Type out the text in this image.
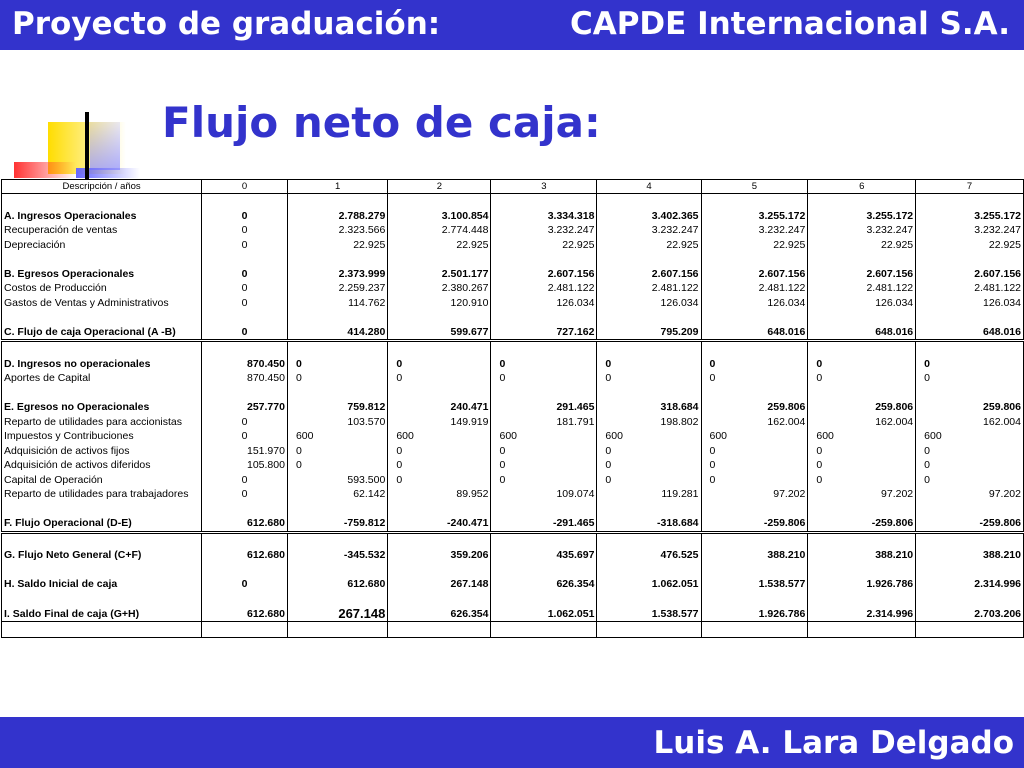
Proyecto de graduación:	CAPDE Internacional S.A.
Flujo neto de caja:
Descripción / años	0	1	2	3	4	5	6	7

A. Ingresos Operacionales	0	2.788.279	3.100.854	3.334.318	3.402.365	3.255.172	3.255.172	3.255.172
Recuperación de ventas	0	2.323.566	2.774.448	3.232.247	3.232.247	3.232.247	3.232.247	3.232.247
Depreciación	0	22.925	22.925	22.925	22.925	22.925	22.925	22.925

B. Egresos Operacionales	0	2.373.999	2.501.177	2.607.156	2.607.156	2.607.156	2.607.156	2.607.156
Costos de Producción	0	2.259.237	2.380.267	2.481.122	2.481.122	2.481.122	2.481.122	2.481.122
Gastos de Ventas y Administrativos	0	114.762	120.910	126.034	126.034	126.034	126.034	126.034

C. Flujo de caja Operacional (A -B)	0	414.280	599.677	727.162	795.209	648.016	648.016	648.016

D. Ingresos no operacionales	870.450	0	0	0	0	0	0	0
Aportes de Capital	870.450	0	0	0	0	0	0	0

E. Egresos no Operacionales	257.770	759.812	240.471	291.465	318.684	259.806	259.806	259.806
Reparto de utilidades para accionistas	0	103.570	149.919	181.791	198.802	162.004	162.004	162.004
Impuestos y Contribuciones	0	600	600	600	600	600	600	600
Adquisición de activos fijos	151.970	0	0	0	0	0	0	0
Adquisición de activos diferidos	105.800	0	0	0	0	0	0	0
Capital de Operación	0	593.500	0	0	0	0	0	0
Reparto de utilidades para trabajadores	0	62.142	89.952	109.074	119.281	97.202	97.202	97.202

F. Flujo Operacional (D-E)	612.680	-759.812	-240.471	-291.465	-318.684	-259.806	-259.806	-259.806

G. Flujo Neto General (C+F)	612.680	-345.532	359.206	435.697	476.525	388.210	388.210	388.210

H. Saldo Inicial de caja	0	612.680	267.148	626.354	1.062.051	1.538.577	1.926.786	2.314.996

I. Saldo Final de caja (G+H)	612.680	267.148	626.354	1.062.051	1.538.577	1.926.786	2.314.996	2.703.206

Luis A. Lara Delgado
